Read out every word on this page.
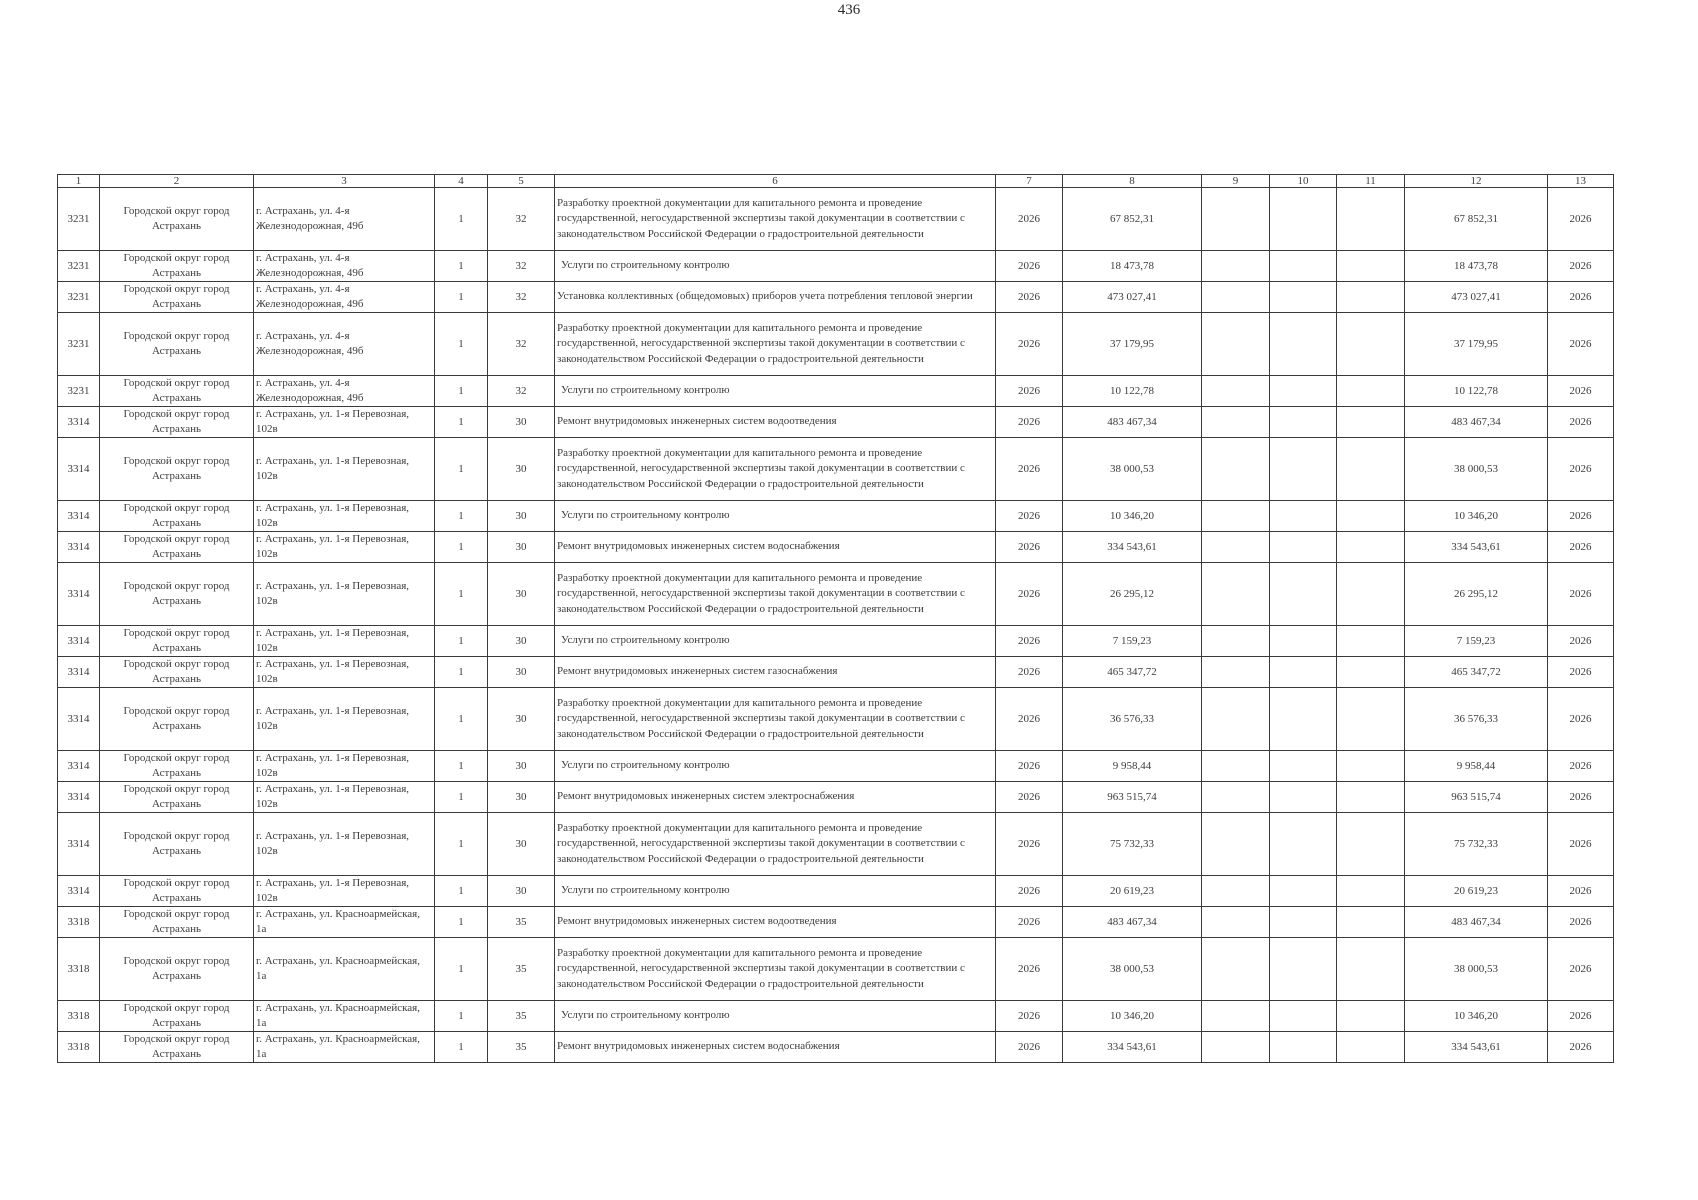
436
1	2	3	4	5	6	7	8	9	10	11	12	13
3231	Городской округ город Астрахань	г. Астрахань, ул. 4-я Железнодорожная, 49б	1	32	Разработку проектной документации для капитального ремонта и проведение государственной, негосударственной экспертизы такой документации в соответствии с законодательством Российской Федерации о градостроительной деятельности	2026	67 852,31				67 852,31	2026
3231	Городской округ город Астрахань	г. Астрахань, ул. 4-я Железнодорожная, 49б	1	32	Услуги по строительному контролю	2026	18 473,78				18 473,78	2026
3231	Городской округ город Астрахань	г. Астрахань, ул. 4-я Железнодорожная, 49б	1	32	Установка коллективных (общедомовых) приборов учета потребления тепловой энергии	2026	473 027,41				473 027,41	2026
3231	Городской округ город Астрахань	г. Астрахань, ул. 4-я Железнодорожная, 49б	1	32	Разработку проектной документации для капитального ремонта и проведение государственной, негосударственной экспертизы такой документации в соответствии с законодательством Российской Федерации о градостроительной деятельности	2026	37 179,95				37 179,95	2026
3231	Городской округ город Астрахань	г. Астрахань, ул. 4-я Железнодорожная, 49б	1	32	Услуги по строительному контролю	2026	10 122,78				10 122,78	2026
3314	Городской округ город Астрахань	г. Астрахань, ул. 1-я Перевозная, 102в	1	30	Ремонт внутридомовых инженерных систем водоотведения	2026	483 467,34				483 467,34	2026
3314	Городской округ город Астрахань	г. Астрахань, ул. 1-я Перевозная, 102в	1	30	Разработку проектной документации для капитального ремонта и проведение государственной, негосударственной экспертизы такой документации в соответствии с законодательством Российской Федерации о градостроительной деятельности	2026	38 000,53				38 000,53	2026
3314	Городской округ город Астрахань	г. Астрахань, ул. 1-я Перевозная, 102в	1	30	Услуги по строительному контролю	2026	10 346,20				10 346,20	2026
3314	Городской округ город Астрахань	г. Астрахань, ул. 1-я Перевозная, 102в	1	30	Ремонт внутридомовых инженерных систем водоснабжения	2026	334 543,61				334 543,61	2026
3314	Городской округ город Астрахань	г. Астрахань, ул. 1-я Перевозная, 102в	1	30	Разработку проектной документации для капитального ремонта и проведение государственной, негосударственной экспертизы такой документации в соответствии с законодательством Российской Федерации о градостроительной деятельности	2026	26 295,12				26 295,12	2026
3314	Городской округ город Астрахань	г. Астрахань, ул. 1-я Перевозная, 102в	1	30	Услуги по строительному контролю	2026	7 159,23				7 159,23	2026
3314	Городской округ город Астрахань	г. Астрахань, ул. 1-я Перевозная, 102в	1	30	Ремонт внутридомовых инженерных систем газоснабжения	2026	465 347,72				465 347,72	2026
3314	Городской округ город Астрахань	г. Астрахань, ул. 1-я Перевозная, 102в	1	30	Разработку проектной документации для капитального ремонта и проведение государственной, негосударственной экспертизы такой документации в соответствии с законодательством Российской Федерации о градостроительной деятельности	2026	36 576,33				36 576,33	2026
3314	Городской округ город Астрахань	г. Астрахань, ул. 1-я Перевозная, 102в	1	30	Услуги по строительному контролю	2026	9 958,44				9 958,44	2026
3314	Городской округ город Астрахань	г. Астрахань, ул. 1-я Перевозная, 102в	1	30	Ремонт внутридомовых инженерных систем электроснабжения	2026	963 515,74				963 515,74	2026
3314	Городской округ город Астрахань	г. Астрахань, ул. 1-я Перевозная, 102в	1	30	Разработку проектной документации для капитального ремонта и проведение государственной, негосударственной экспертизы такой документации в соответствии с законодательством Российской Федерации о градостроительной деятельности	2026	75 732,33				75 732,33	2026
3314	Городской округ город Астрахань	г. Астрахань, ул. 1-я Перевозная, 102в	1	30	Услуги по строительному контролю	2026	20 619,23				20 619,23	2026
3318	Городской округ город Астрахань	г. Астрахань, ул. Красноармейская, 1а	1	35	Ремонт внутридомовых инженерных систем водоотведения	2026	483 467,34				483 467,34	2026
3318	Городской округ город Астрахань	г. Астрахань, ул. Красноармейская, 1а	1	35	Разработку проектной документации для капитального ремонта и проведение государственной, негосударственной экспертизы такой документации в соответствии с законодательством Российской Федерации о градостроительной деятельности	2026	38 000,53				38 000,53	2026
3318	Городской округ город Астрахань	г. Астрахань, ул. Красноармейская, 1а	1	35	Услуги по строительному контролю	2026	10 346,20				10 346,20	2026
3318	Городской округ город Астрахань	г. Астрахань, ул. Красноармейская, 1а	1	35	Ремонт внутридомовых инженерных систем водоснабжения	2026	334 543,61				334 543,61	2026
